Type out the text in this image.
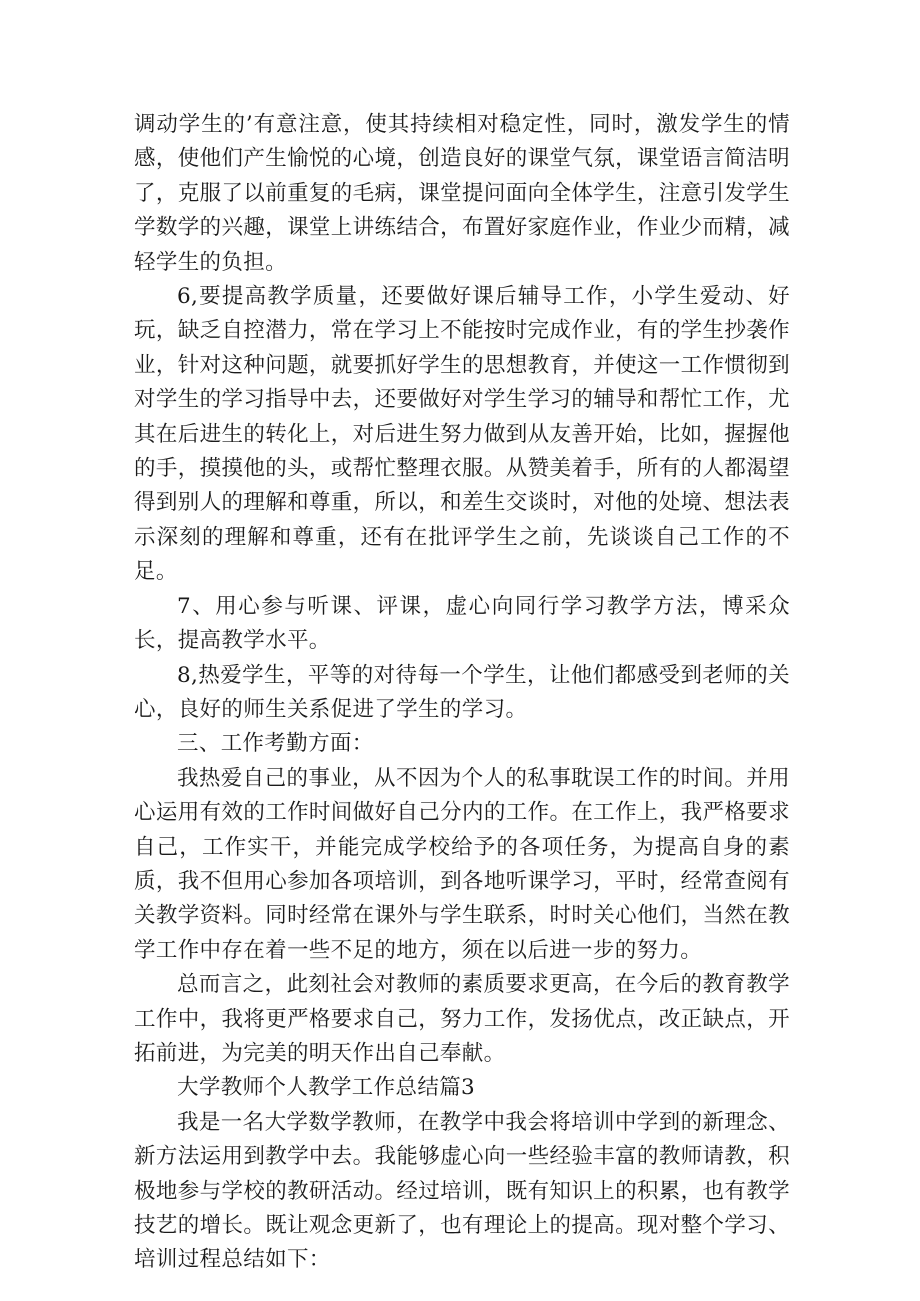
调动学生的’有意注意，使其持续相对稳定性，同时，激发学生的情感，使他们产生愉悦的心境，创造良好的课堂气氛，课堂语言简洁明了，克服了以前重复的毛病，课堂提问面向全体学生，注意引发学生学数学的兴趣，课堂上讲练结合，布置好家庭作业，作业少而精，减轻学生的负担。

6,要提高教学质量，还要做好课后辅导工作，小学生爱动、好玩，缺乏自控潜力，常在学习上不能按时完成作业，有的学生抄袭作业，针对这种问题，就要抓好学生的思想教育，并使这一工作惯彻到对学生的学习指导中去，还要做好对学生学习的辅导和帮忙工作，尤其在后进生的转化上，对后进生努力做到从友善开始，比如，握握他的手，摸摸他的头，或帮忙整理衣服。从赞美着手，所有的人都渴望得到别人的理解和尊重，所以，和差生交谈时，对他的处境、想法表示深刻的理解和尊重，还有在批评学生之前，先谈谈自己工作的不足。

7、用心参与听课、评课，虚心向同行学习教学方法，博采众长，提高教学水平。

8,热爱学生，平等的对待每一个学生，让他们都感受到老师的关心，良好的师生关系促进了学生的学习。

三、工作考勤方面：

我热爱自己的事业，从不因为个人的私事耽误工作的时间。并用心运用有效的工作时间做好自己分内的工作。在工作上，我严格要求自己，工作实干，并能完成学校给予的各项任务，为提高自身的素质，我不但用心参加各项培训，到各地听课学习，平时，经常查阅有关教学资料。同时经常在课外与学生联系，时时关心他们，当然在教学工作中存在着一些不足的地方，须在以后进一步的努力。

总而言之，此刻社会对教师的素质要求更高，在今后的教育教学工作中，我将更严格要求自己，努力工作，发扬优点，改正缺点，开拓前进，为完美的明天作出自己奉献。

大学教师个人教学工作总结篇3

我是一名大学数学教师，在教学中我会将培训中学到的新理念、新方法运用到教学中去。我能够虚心向一些经验丰富的教师请教，积极地参与学校的教研活动。经过培训，既有知识上的积累，也有教学技艺的增长。既让观念更新了，也有理论上的提高。现对整个学习、培训过程总结如下：
